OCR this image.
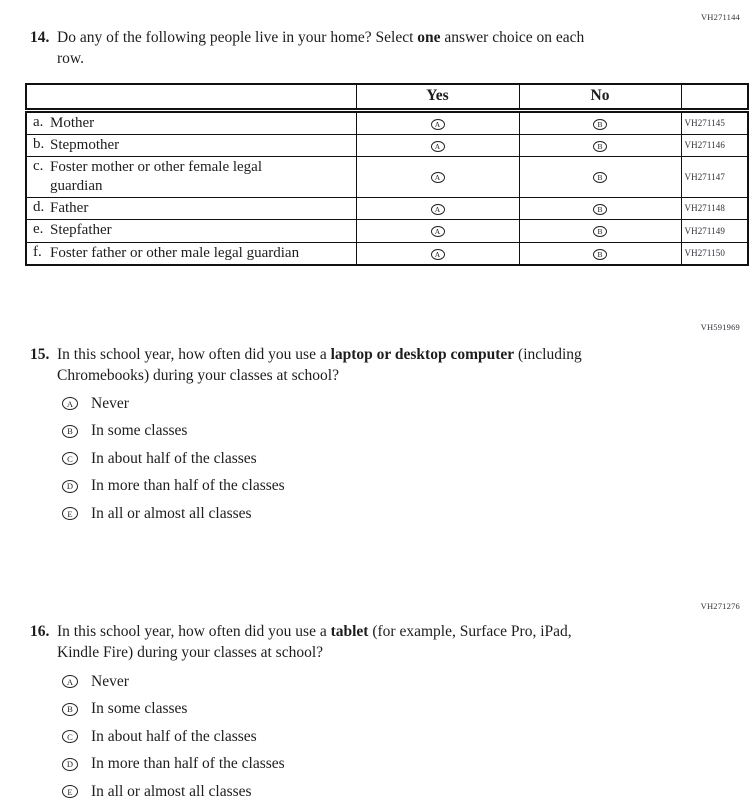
VH271144
14. Do any of the following people live in your home? Select one answer choice on each
row.
	Yes	No	

a. Mother	A	B	VH271145

b. Stepmother	A	B	VH271146

c. Foster mother or other female legal guardian	A	B	VH271147

d. Father	A	B	VH271148

e. Stepfather	A	B	VH271149

f. Foster father or other male legal guardian	A	B	VH271150
VH591969
15. In this school year, how often did you use a laptop or desktop computer (including
Chromebooks) during your classes at school?
A	Never
B	In some classes
C	In about half of the classes
D	In more than half of the classes
E	In all or almost all classes
VH271276
16. In this school year, how often did you use a tablet (for example, Surface Pro, iPad,
Kindle Fire) during your classes at school?
A	Never
B	In some classes
C	In about half of the classes
D	In more than half of the classes
E	In all or almost all classes
